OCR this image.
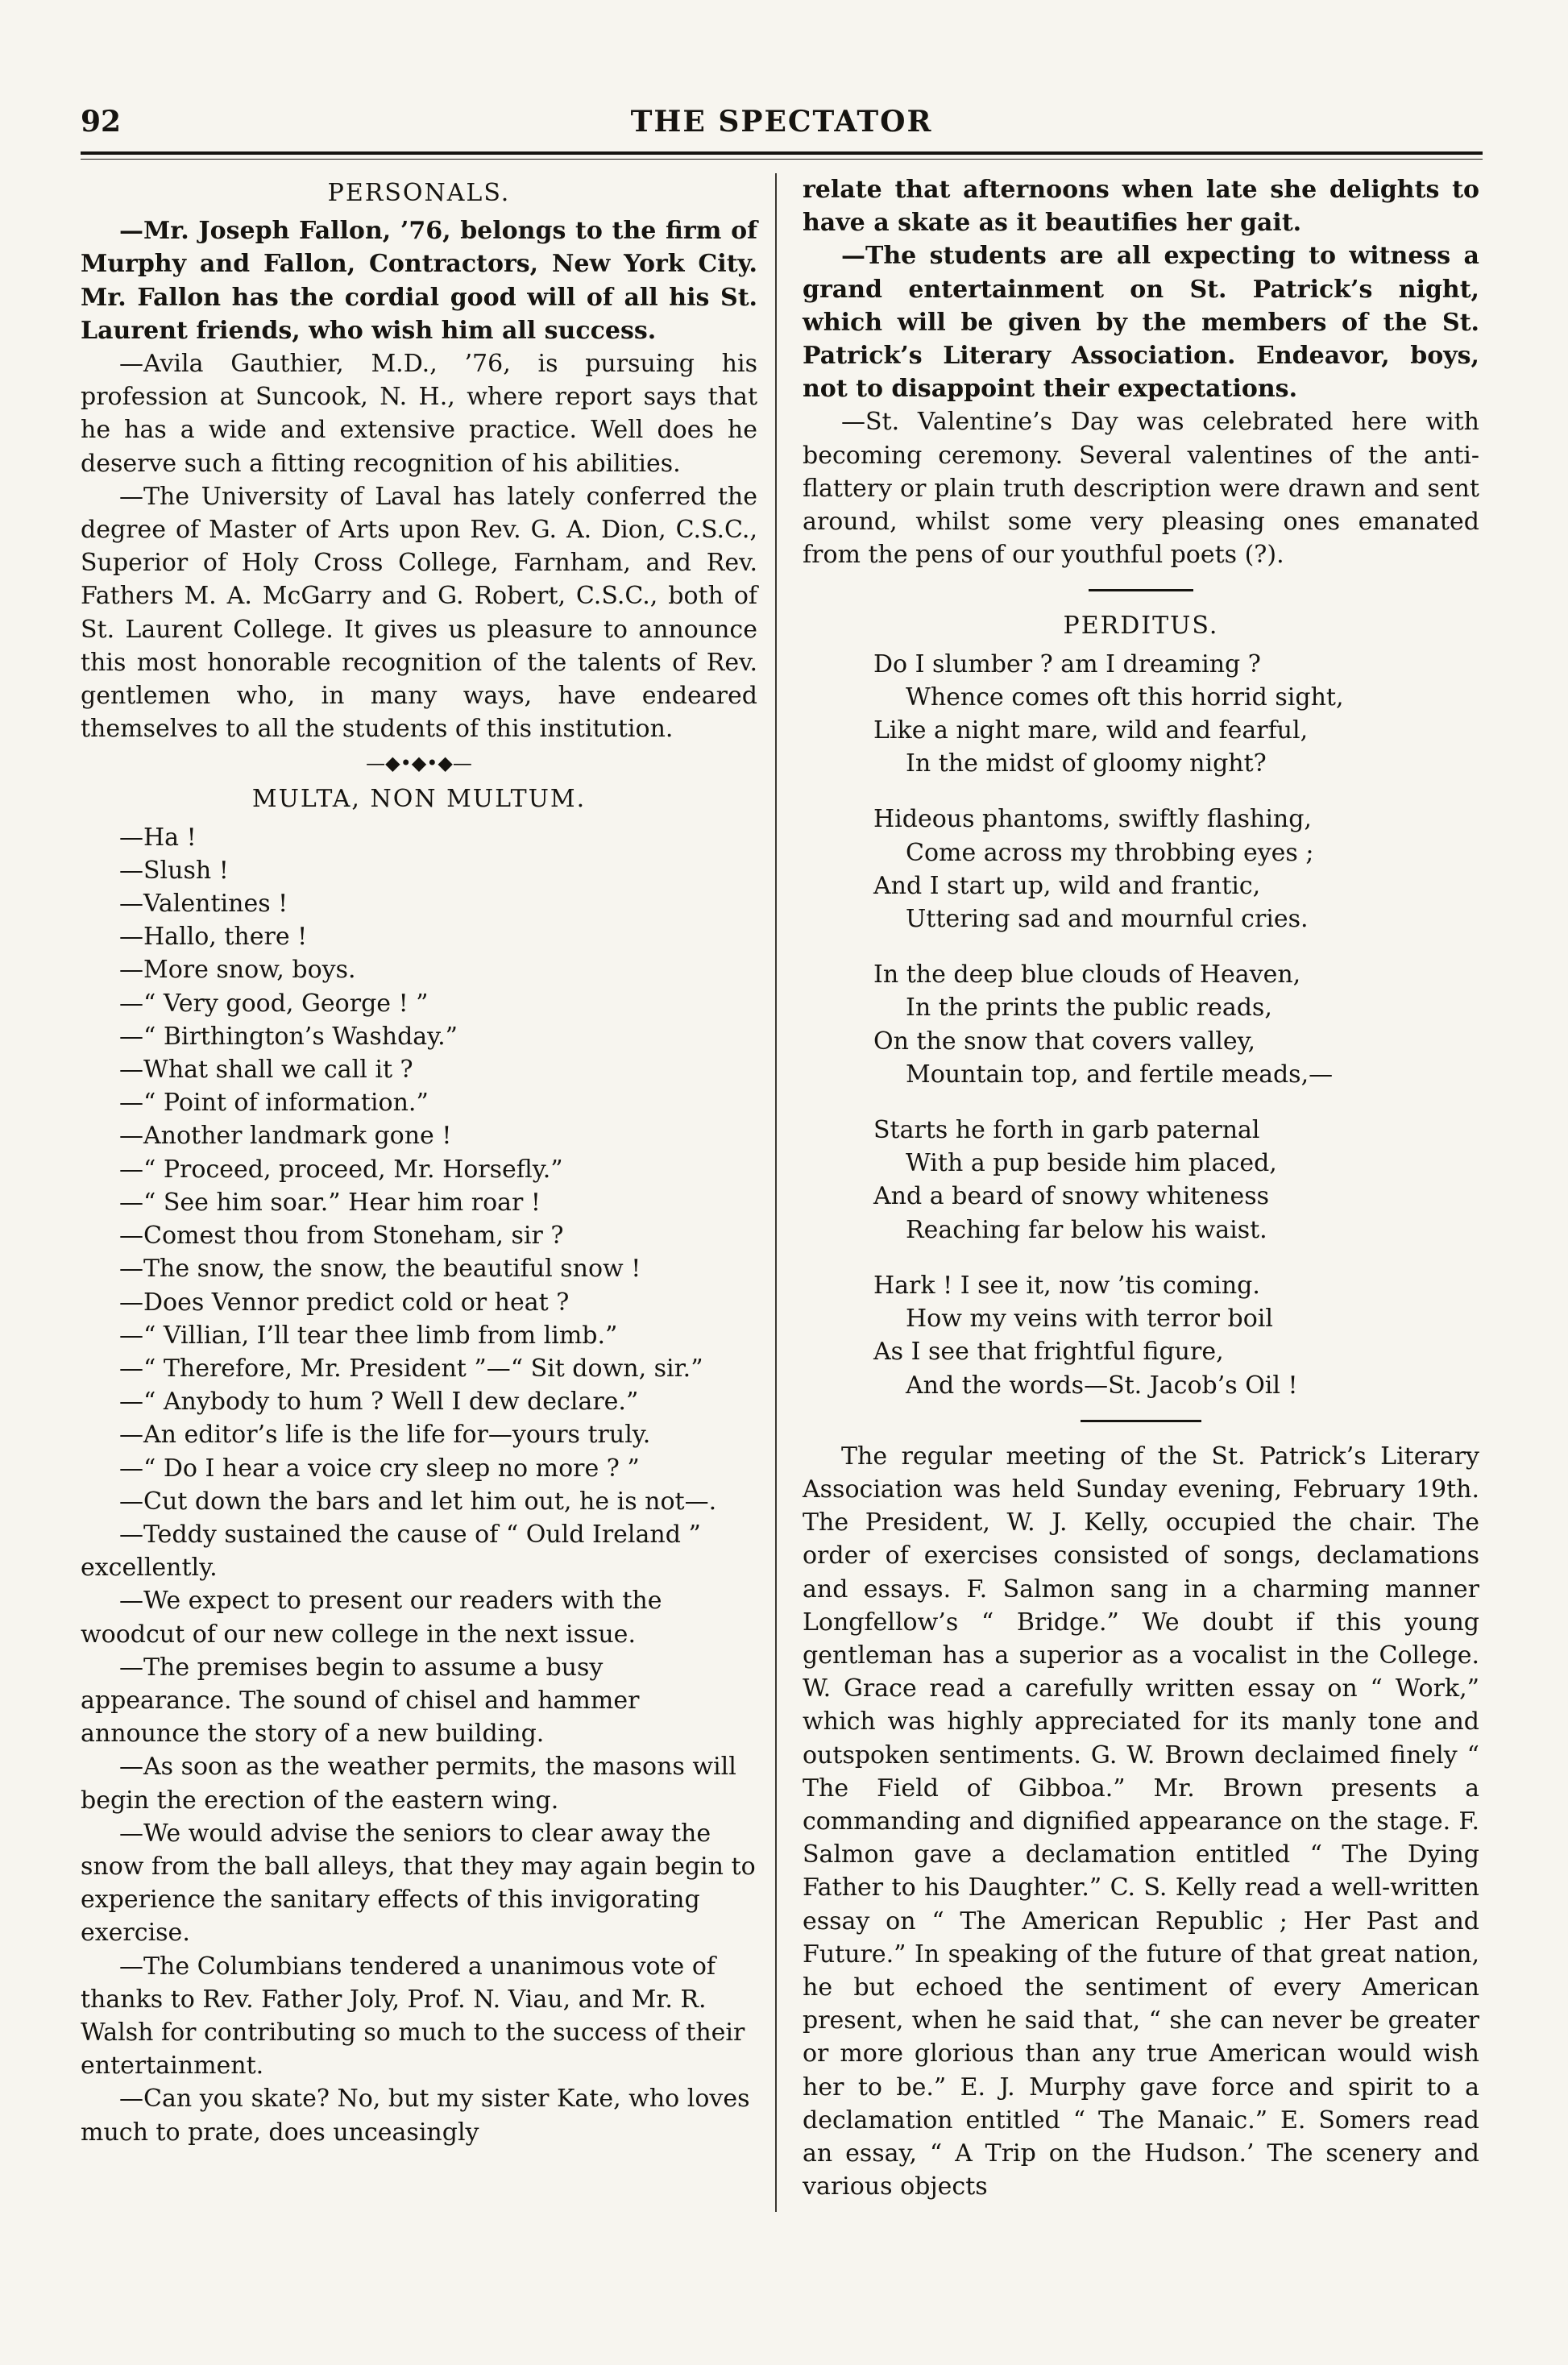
92	THE SPECTATOR
PERSONALS.

—Mr. Joseph Fallon, ’76, belongs to the firm of Murphy and Fallon, Contractors, New York City. Mr. Fallon has the cordial good will of all his St. Laurent friends, who wish him all success.

—Avila Gauthier, M.D., ’76, is pursuing his profession at Suncook, N. H., where report says that he has a wide and extensive practice. Well does he deserve such a fitting recognition of his abilities.

—The University of Laval has lately conferred the degree of Master of Arts upon Rev. G. A. Dion, C.S.C., Superior of Holy Cross College, Farnham, and Rev. Fathers M. A. McGarry and G. Robert, C.S.C., both of St. Laurent College. It gives us pleasure to announce this most honorable recognition of the talents of Rev. gentlemen who, in many ways, have endeared themselves to all the students of this institution.

—◆•◆•◆—
MULTA, NON MULTUM.
—Ha !
—Slush !
—Valentines !
—Hallo, there !
—More snow, boys.
—“ Very good, George ! ”
—“ Birthington’s Washday.”
—What shall we call it ?
—“ Point of information.”
—Another landmark gone !
—“ Proceed, proceed, Mr. Horsefly.”
—“ See him soar.” Hear him roar !
—Comest thou from Stoneham, sir ?
—The snow, the snow, the beautiful snow !
—Does Vennor predict cold or heat ?
—“ Villian, I’ll tear thee limb from limb.”
—“ Therefore, Mr. President ”—“ Sit down, sir.”
—“ Anybody to hum ? Well I dew declare.”
—An editor’s life is the life for—yours truly.
—“ Do I hear a voice cry sleep no more ? ”
—Cut down the bars and let him out, he is not—.
—Teddy sustained the cause of “ Ould Ireland ” excellently.
—We expect to present our readers with the woodcut of our new college in the next issue.
—The premises begin to assume a busy appearance. The sound of chisel and hammer announce the story of a new building.
—As soon as the weather permits, the masons will begin the erection of the eastern wing.
—We would advise the seniors to clear away the snow from the ball alleys, that they may again begin to experience the sanitary effects of this invigorating exercise.
—The Columbians tendered a unanimous vote of thanks to Rev. Father Joly, Prof. N. Viau, and Mr. R. Walsh for contributing so much to the success of their entertainment.
—Can you skate? No, but my sister Kate, who loves much to prate, does unceasingly

relate that afternoons when late she delights to have a skate as it beautifies her gait.

—The students are all expecting to witness a grand entertainment on St. Patrick’s night, which will be given by the members of the St. Patrick’s Literary Association. Endeavor, boys, not to disappoint their expectations.

—St. Valentine’s Day was celebrated here with becoming ceremony. Several valentines of the anti-flattery or plain truth description were drawn and sent around, whilst some very pleasing ones emanated from the pens of our youthful poets (?).

PERDITUS.
Do I slumber ? am I dreaming ?
Whence comes oft this horrid sight,
Like a night mare, wild and fearful,
In the midst of gloomy night?
Hideous phantoms, swiftly flashing,
Come across my throbbing eyes ;
And I start up, wild and frantic,
Uttering sad and mournful cries.
In the deep blue clouds of Heaven,
In the prints the public reads,
On the snow that covers valley,
Mountain top, and fertile meads,—
Starts he forth in garb paternal
With a pup beside him placed,
And a beard of snowy whiteness
Reaching far below his waist.
Hark ! I see it, now ’tis coming.
How my veins with terror boil
As I see that frightful figure,
And the words—St. Jacob’s Oil !

The regular meeting of the St. Patrick’s Literary Association was held Sunday evening, February 19th. The President, W. J. Kelly, occupied the chair. The order of exercises consisted of songs, declamations and essays. F. Salmon sang in a charming manner Longfellow’s “ Bridge.” We doubt if this young gentleman has a superior as a vocalist in the College. W. Grace read a carefully written essay on “ Work,” which was highly appreciated for its manly tone and outspoken sentiments. G. W. Brown declaimed finely “ The Field of Gibboa.” Mr. Brown presents a commanding and dignified appearance on the stage. F. Salmon gave a declamation entitled “ The Dying Father to his Daughter.” C. S. Kelly read a well-written essay on “ The American Republic ; Her Past and Future.” In speaking of the future of that great nation, he but echoed the sentiment of every American present, when he said that, “ she can never be greater or more glorious than any true American would wish her to be.” E. J. Murphy gave force and spirit to a declamation entitled “ The Manaic.” E. Somers read an essay, “ A Trip on the Hudson.’ The scenery and various objects
